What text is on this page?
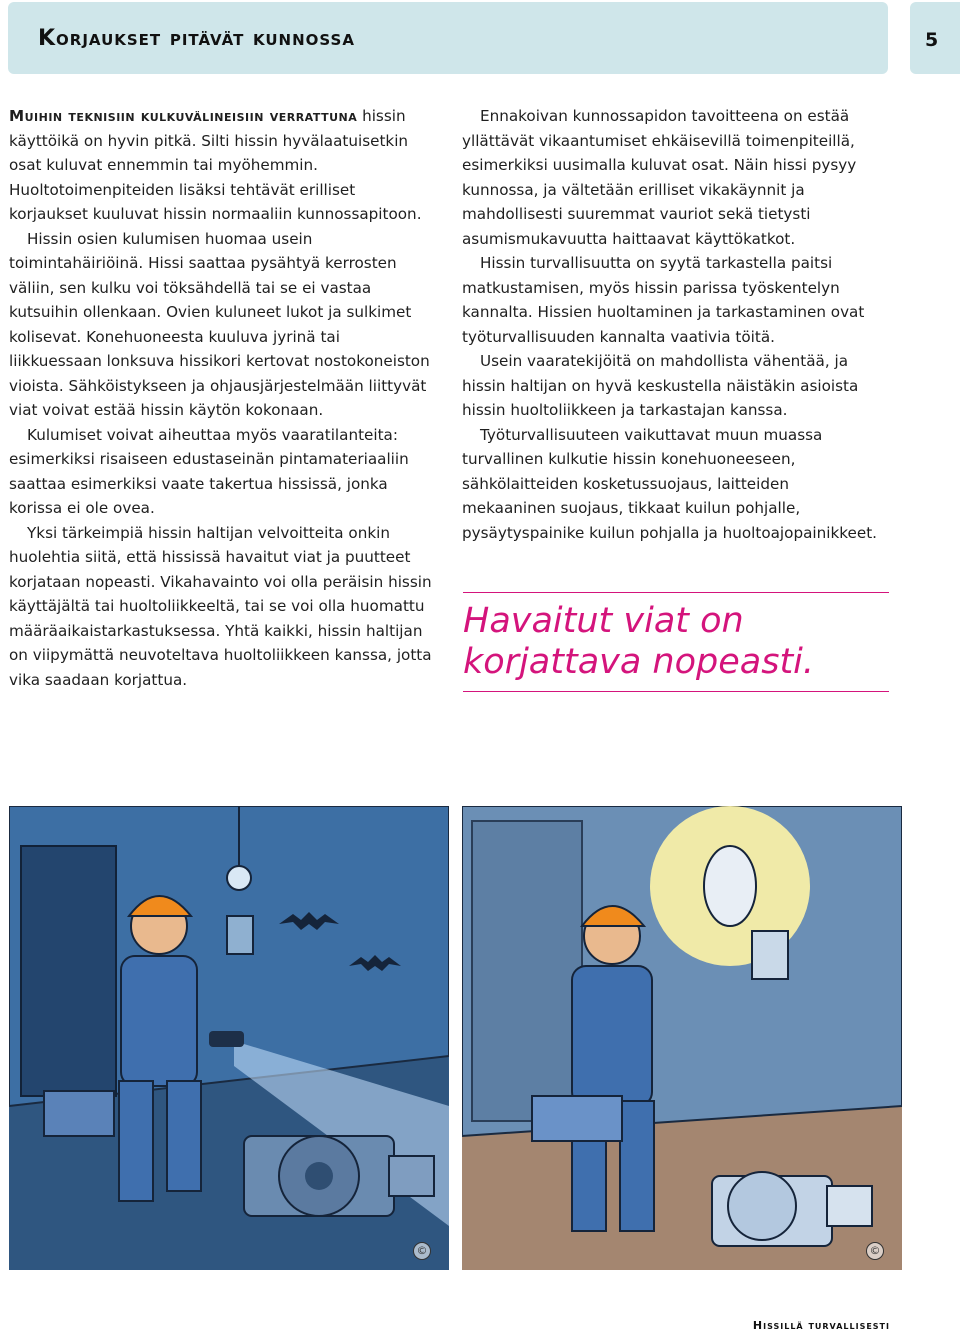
Korjaukset pitävät kunnossa	5

Muihin teknisiin kulkuvälineisiin verrattuna hissin käyttöikä on hyvin pitkä. Silti hissin hyvälaatuisetkin osat kuluvat ennemmin tai myöhemmin. Huoltotoimenpiteiden lisäksi tehtävät erilliset korjaukset kuuluvat hissin normaaliin kunnossapitoon.

Hissin osien kulumisen huomaa usein toimintahäiriöinä. Hissi saattaa pysähtyä kerrosten väliin, sen kulku voi töksähdellä tai se ei vastaa kutsuihin ollenkaan. Ovien kuluneet lukot ja sulkimet kolisevat. Konehuoneesta kuuluva jyrinä tai liikkuessaan lonksuva hissikori kertovat nostokoneiston vioista. Sähköistykseen ja ohjausjärjestelmään liittyvät viat voivat estää hissin käytön kokonaan.

Kulumiset voivat aiheuttaa myös vaaratilanteita: esimerkiksi risaiseen edustaseinän pintamateriaaliin saattaa esimerkiksi vaate takertua hississä, jonka korissa ei ole ovea.

Yksi tärkeimpiä hissin haltijan velvoitteita onkin huolehtia siitä, että hississä havaitut viat ja puutteet korjataan nopeasti. Vikahavainto voi olla peräisin hissin käyttäjältä tai huoltoliikkeeltä, tai se voi olla huomattu määräaikaistarkastuksessa. Yhtä kaikki, hissin haltijan on viipymättä neuvoteltava huoltoliikkeen kanssa, jotta vika saadaan korjattua.

Ennakoivan kunnossapidon tavoitteena on estää yllättävät vikaantumiset ehkäisevillä toimenpiteillä, esimerkiksi uusimalla kuluvat osat. Näin hissi pysyy kunnossa, ja vältetään erilliset vikakäynnit ja mahdollisesti suuremmat vauriot sekä tietysti asumismukavuutta haittaavat käyttökatkot.

Hissin turvallisuutta on syytä tarkastella paitsi matkustamisen, myös hissin parissa työskentelyn kannalta. Hissien huoltaminen ja tarkastaminen ovat työturvallisuuden kannalta vaativia töitä.

Usein vaaratekijöitä on mahdollista vähentää, ja hissin haltijan on hyvä keskustella näistäkin asioista hissin huoltoliikkeen ja tarkastajan kanssa.

Työturvallisuuteen vaikuttavat muun muassa turvallinen kulkutie hissin konehuoneeseen, sähkölaitteiden kosketussuojaus, laitteiden mekaaninen suojaus, tikkaat kuilun pohjalle, pysäytyspainike kuilun pohjalla ja huoltoajopainikkeet.

Havaitut viat on korjattava nopeasti.

©	©
Hissillä turvallisesti
